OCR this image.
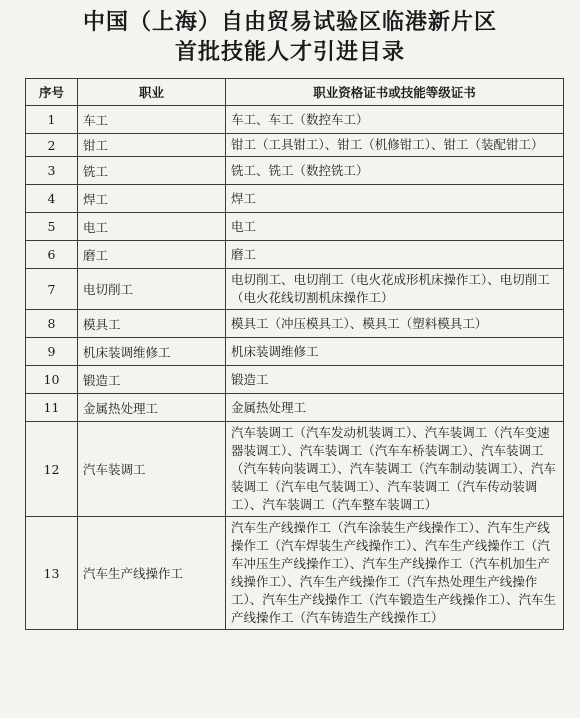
中国（上海）自由贸易试验区临港新片区
首批技能人才引进目录
序号	职业	职业资格证书或技能等级证书
1	车工	车工、车工（数控车工）
2	钳工	钳工（工具钳工）、钳工（机修钳工）、钳工（装配钳工）
3	铣工	铣工、铣工（数控铣工）
4	焊工	焊工
5	电工	电工
6	磨工	磨工
7	电切削工	电切削工、电切削工（电火花成形机床操作工）、电切削工（电火花线切割机床操作工）
8	模具工	模具工（冲压模具工）、模具工（塑料模具工）
9	机床装调维修工	机床装调维修工
10	锻造工	锻造工
11	金属热处理工	金属热处理工
12	汽车装调工	汽车装调工（汽车发动机装调工）、汽车装调工（汽车变速器装调工）、汽车装调工（汽车车桥装调工）、汽车装调工（汽车转向装调工）、汽车装调工（汽车制动装调工）、汽车装调工（汽车电气装调工）、汽车装调工（汽车传动装调工）、汽车装调工（汽车整车装调工）
13	汽车生产线操作工	汽车生产线操作工（汽车涂装生产线操作工）、汽车生产线操作工（汽车焊装生产线操作工）、汽车生产线操作工（汽车冲压生产线操作工）、汽车生产线操作工（汽车机加生产线操作工）、汽车生产线操作工（汽车热处理生产线操作工）、汽车生产线操作工（汽车锻造生产线操作工）、汽车生产线操作工（汽车铸造生产线操作工）
